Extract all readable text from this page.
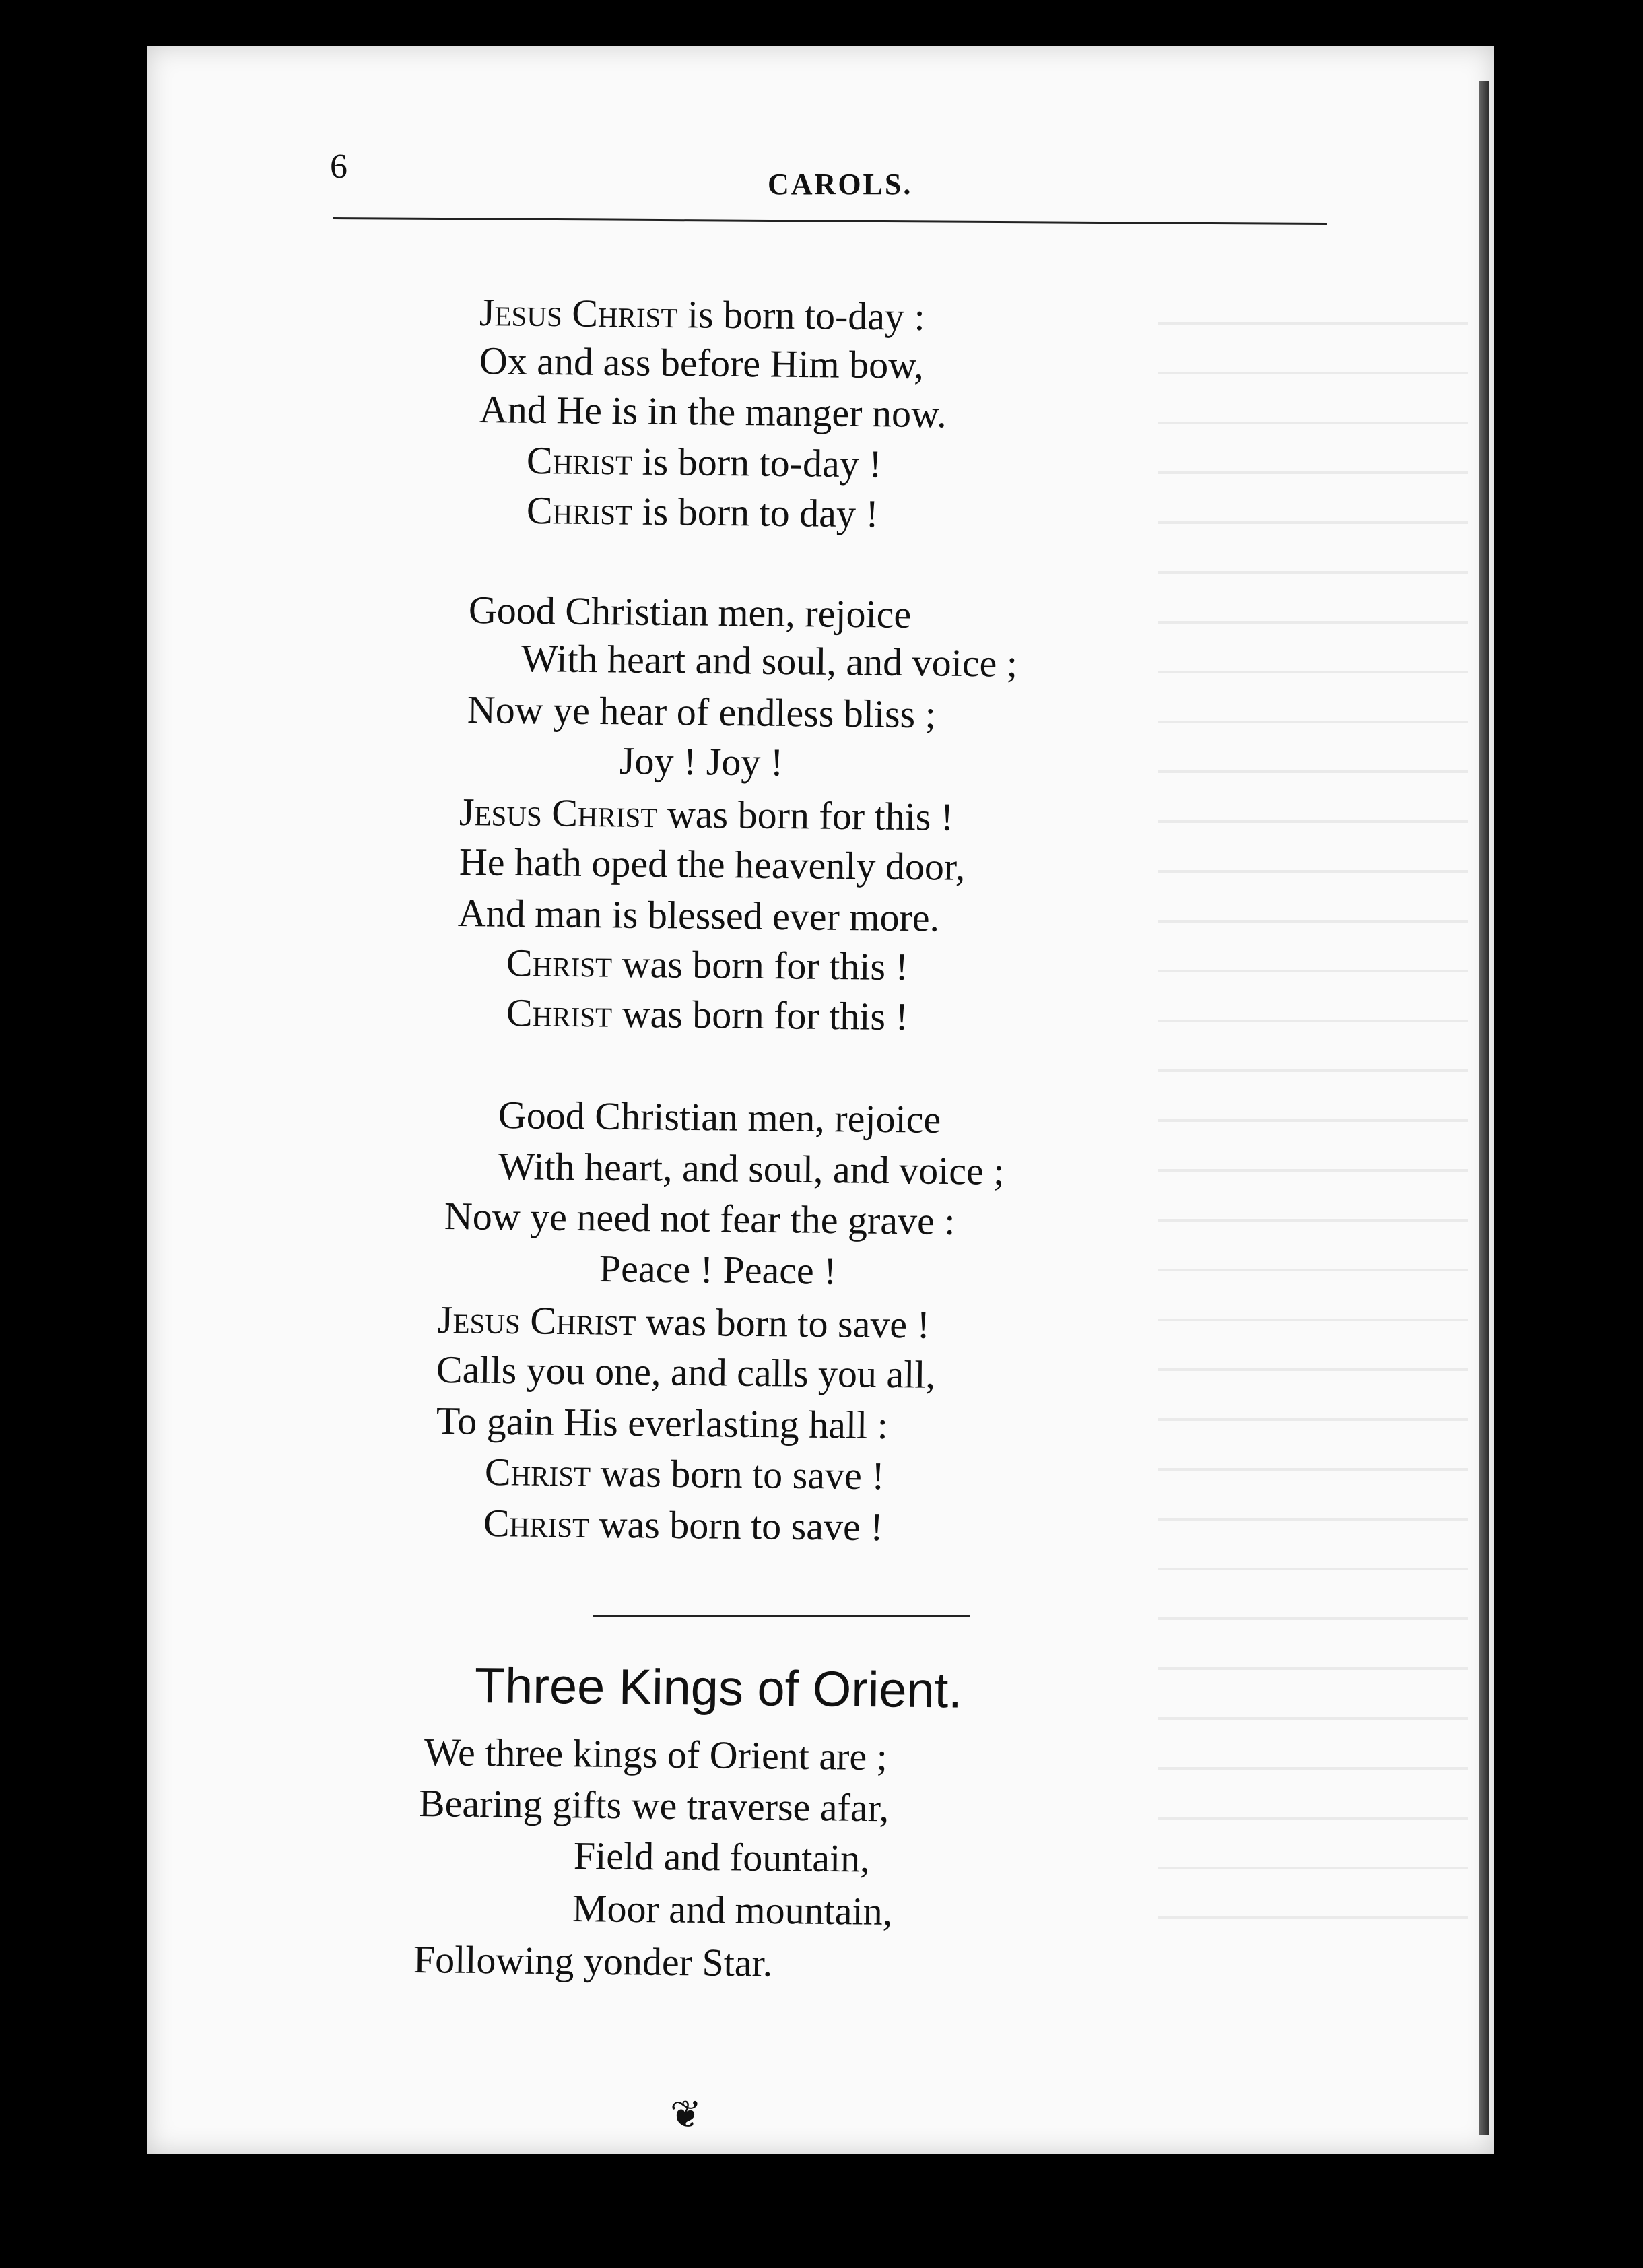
6	CAROLS.
Jesus Christ is born to-day :
Ox and ass before Him bow,
And He is in the manger now.
Christ is born to-day !
Christ is born to day !
Good Christian men, rejoice
With heart and soul, and voice ;
Now ye hear of endless bliss ;
Joy ! Joy !
Jesus Christ was born for this !
He hath oped the heavenly door,
And man is blessed ever more.
Christ was born for this !
Christ was born for this !
Good Christian men, rejoice
With heart, and soul, and voice ;
Now ye need not fear the grave :
Peace ! Peace !
Jesus Christ was born to save !
Calls you one, and calls you all,
To gain His everlasting hall :
Christ was born to save !
Christ was born to save !
Three Kings of Orient.
We three kings of Orient are ;
Bearing gifts we traverse afar,
Field and fountain,
Moor and mountain,
Following yonder Star.
❦
